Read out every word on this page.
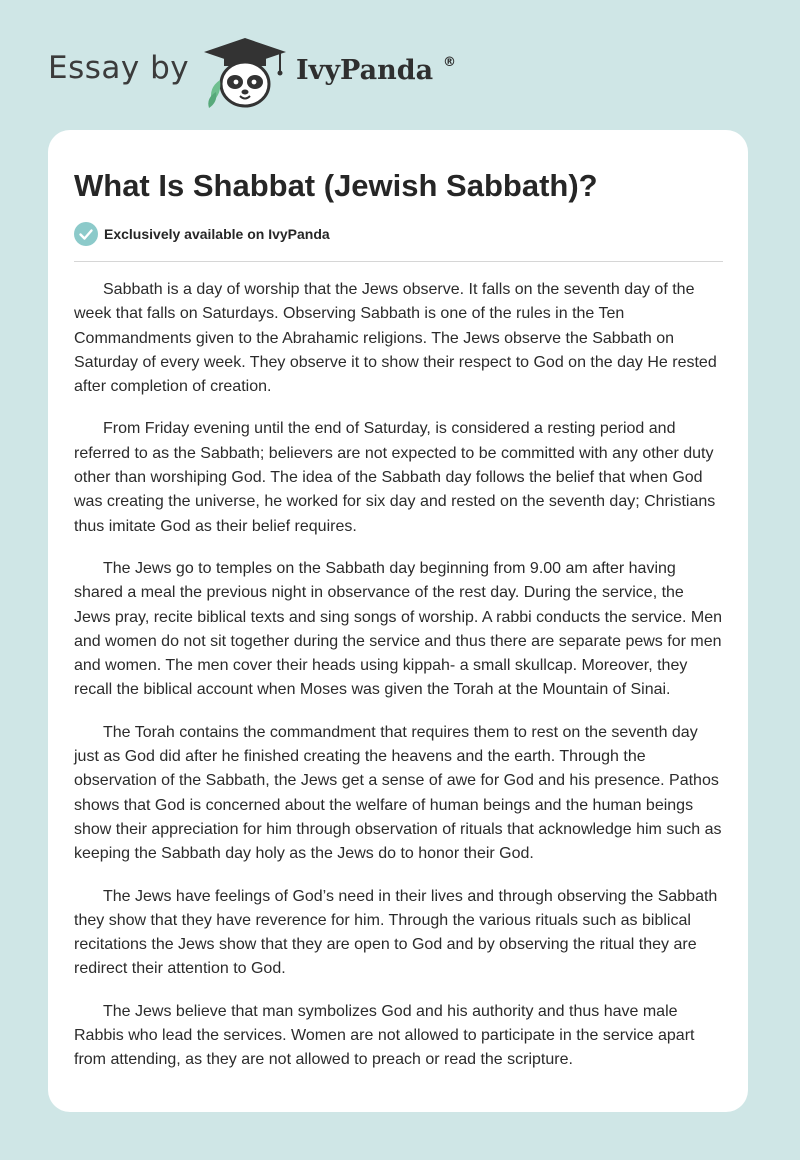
Essay by	IvyPanda ®
What Is Shabbat (Jewish Sabbath)?
Exclusively available on IvyPanda

Sabbath is a day of worship that the Jews observe. It falls on the seventh day of the week that falls on Saturdays. Observing Sabbath is one of the rules in the Ten Commandments given to the Abrahamic religions. The Jews observe the Sabbath on Saturday of every week. They observe it to show their respect to God on the day He rested after completion of creation.

From Friday evening until the end of Saturday, is considered a resting period and referred to as the Sabbath; believers are not expected to be committed with any other duty other than worshiping God. The idea of the Sabbath day follows the belief that when God was creating the universe, he worked for six day and rested on the seventh day; Christians thus imitate God as their belief requires.

The Jews go to temples on the Sabbath day beginning from 9.00 am after having shared a meal the previous night in observance of the rest day. During the service, the Jews pray, recite biblical texts and sing songs of worship. A rabbi conducts the service. Men and women do not sit together during the service and thus there are separate pews for men and women. The men cover their heads using kippah- a small skullcap. Moreover, they recall the biblical account when Moses was given the Torah at the Mountain of Sinai.

The Torah contains the commandment that requires them to rest on the seventh day just as God did after he finished creating the heavens and the earth. Through the observation of the Sabbath, the Jews get a sense of awe for God and his presence. Pathos shows that God is concerned about the welfare of human beings and the human beings show their appreciation for him through observation of rituals that acknowledge him such as keeping the Sabbath day holy as the Jews do to honor their God.

The Jews have feelings of God’s need in their lives and through observing the Sabbath they show that they have reverence for him. Through the various rituals such as biblical recitations the Jews show that they are open to God and by observing the ritual they are redirect their attention to God.

The Jews believe that man symbolizes God and his authority and thus have male Rabbis who lead the services. Women are not allowed to participate in the service apart from attending, as they are not allowed to preach or read the scripture.
